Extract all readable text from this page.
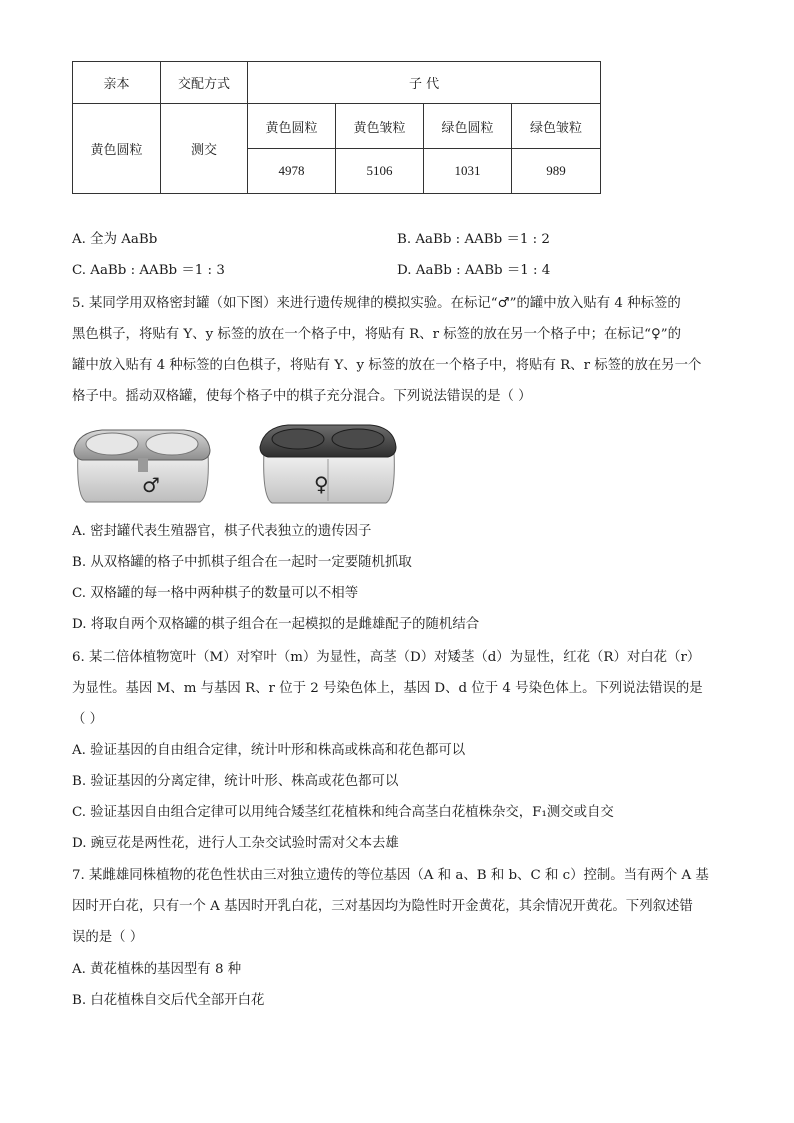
亲本	交配方式	子 代			
黄色圆粒	测交	黄色圆粒	黄色皱粒	绿色圆粒	绿色皱粒
		4978	5106	1031	989
A. 全为 AaBb	B. AaBb : AABb ＝1 : 2
C. AaBb : AABb ＝1 : 3	D. AaBb : AABb ＝1 : 4
5. 某同学用双格密封罐（如下图）来进行遗传规律的模拟实验。在标记“♂”的罐中放入贴有 4 种标签的
黑色棋子，将贴有 Y、y 标签的放在一个格子中，将贴有 R、r 标签的放在另一个格子中；在标记“♀”的
罐中放入贴有 4 种标签的白色棋子，将贴有 Y、y 标签的放在一个格子中，将贴有 R、r 标签的放在另一个
格子中。摇动双格罐，使每个格子中的棋子充分混合。下列说法错误的是（ ）
♂	♀
A. 密封罐代表生殖器官，棋子代表独立的遗传因子
B. 从双格罐的格子中抓棋子组合在一起时一定要随机抓取
C. 双格罐的每一格中两种棋子的数量可以不相等
D. 将取自两个双格罐的棋子组合在一起模拟的是雌雄配子的随机结合
6. 某二倍体植物宽叶（M）对窄叶（m）为显性，高茎（D）对矮茎（d）为显性，红花（R）对白花（r）
为显性。基因 M、m 与基因 R、r 位于 2 号染色体上，基因 D、d 位于 4 号染色体上。下列说法错误的是
（ ）
A. 验证基因的自由组合定律，统计叶形和株高或株高和花色都可以
B. 验证基因的分离定律，统计叶形、株高或花色都可以
C. 验证基因自由组合定律可以用纯合矮茎红花植株和纯合高茎白花植株杂交，F₁测交或自交
D. 豌豆花是两性花，进行人工杂交试验时需对父本去雄
7. 某雌雄同株植物的花色性状由三对独立遗传的等位基因（A 和 a、B 和 b、C 和 c）控制。当有两个 A 基
因时开白花，只有一个 A 基因时开乳白花，三对基因均为隐性时开金黄花，其余情况开黄花。下列叙述错
误的是（ ）
A. 黄花植株的基因型有 8 种
B. 白花植株自交后代全部开白花
